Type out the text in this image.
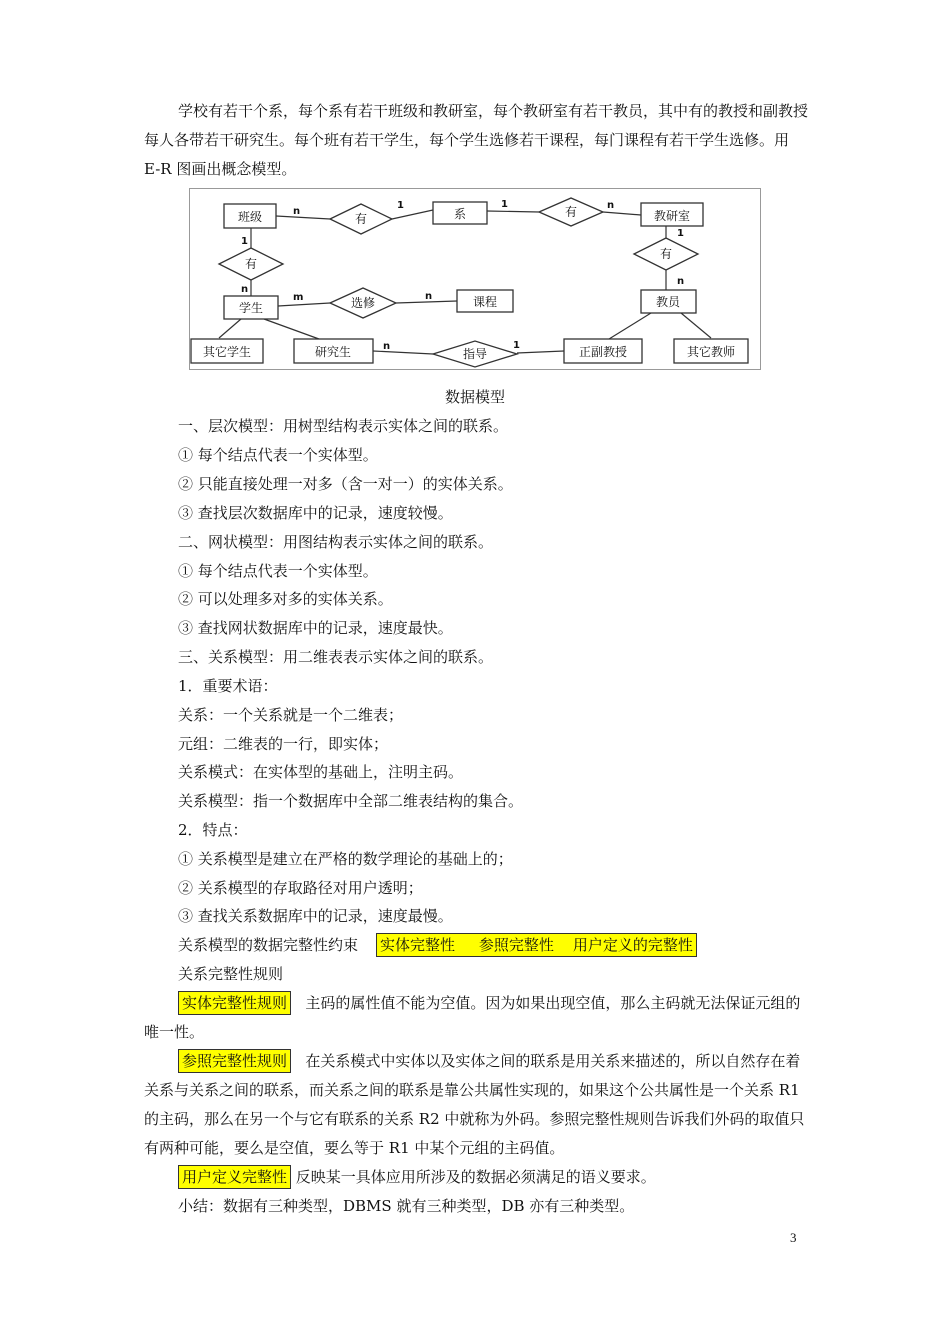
学校有若干个系，每个系有若干班级和教研室，每个教研室有若干教员，其中有的教授和副教授每人各带若干研究生。每个班有若干学生，每个学生选修若干课程，每门课程有若干学生选修。用 E-R 图画出概念模型。
班级	系	教研室
学生	课程	教员
其它学生	研究生	正副教授	其它教师
有	有
有
选修
有
指导
n
1	1	n
1
n
m	n
1
n
n	1
数据模型
一、层次模型：用树型结构表示实体之间的联系。
① 每个结点代表一个实体型。
② 只能直接处理一对多（含一对一）的实体关系。
③ 查找层次数据库中的记录，速度较慢。
二、网状模型：用图结构表示实体之间的联系。
① 每个结点代表一个实体型。
② 可以处理多对多的实体关系。
③ 查找网状数据库中的记录，速度最快。
三、关系模型：用二维表表示实体之间的联系。
1．重要术语：
关系：一个关系就是一个二维表；
元组：二维表的一行，即实体；
关系模式：在实体型的基础上，注明主码。
关系模型：指一个数据库中全部二维表结构的集合。
2．特点：
① 关系模型是建立在严格的数学理论的基础上的；
② 关系模型的存取路径对用户透明；
③ 查找关系数据库中的记录，速度最慢。
关系模型的数据完整性约束 实体完整性     参照完整性    用户定义的完整性
关系完整性规则
实体完整性规则 主码的属性值不能为空值。因为如果出现空值，那么主码就无法保证元组的唯一性。
参照完整性规则 在关系模式中实体以及实体之间的联系是用关系来描述的，所以自然存在着关系与关系之间的联系，而关系之间的联系是靠公共属性实现的，如果这个公共属性是一个关系 R1 的主码，那么在另一个与它有联系的关系 R2 中就称为外码。参照完整性规则告诉我们外码的取值只有两种可能，要么是空值，要么等于 R1 中某个元组的主码值。
用户定义完整性 反映某一具体应用所涉及的数据必须满足的语义要求。
小结：数据有三种类型，DBMS 就有三种类型，DB 亦有三种类型。
3
